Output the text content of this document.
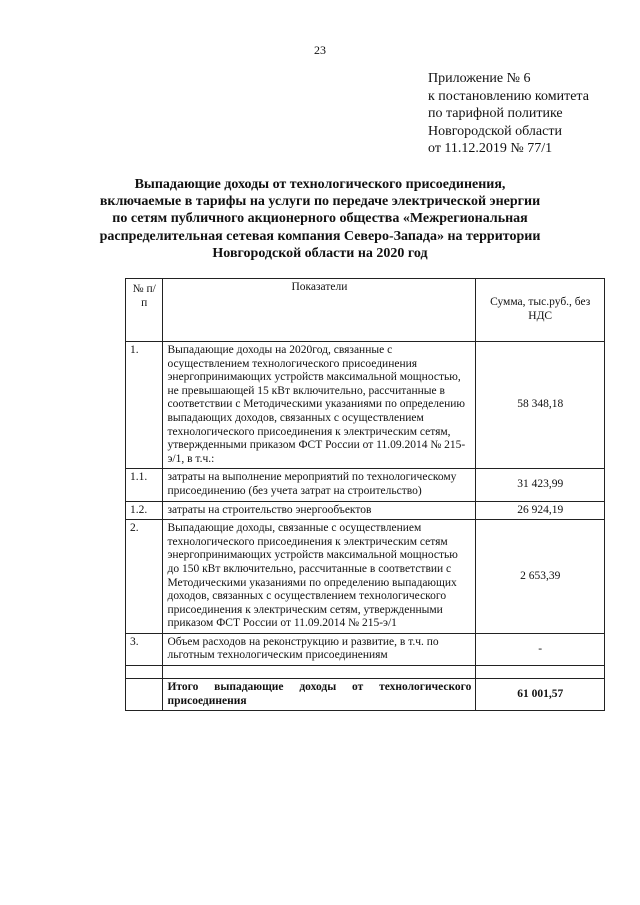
23
Приложение № 6
к постановлению комитета
по тарифной политике
Новгородской области
от 11.12.2019 № 77/1
Выпадающие доходы от технологического присоединения, включаемые в тарифы на услуги по передаче электрической энергии по сетям публичного акционерного общества «Межрегиональная распределительная сетевая компания Северо-Запада» на территории Новгородской области на 2020 год
№ п/п	Показатели	Сумма, тыс.руб., без НДС
1.	Выпадающие доходы на 2020год, связанные с осуществлением технологического присоединения энергопринимающих устройств максимальной мощностью, не превышающей 15 кВт включительно, рассчитанные в соответствии с Методическими указаниями по определению выпадающих доходов, связанных с осуществлением технологического присоединения к электрическим сетям, утвержденными приказом ФСТ России от 11.09.2014 № 215-э/1, в т.ч.:	58 348,18
1.1.	затраты на выполнение мероприятий по технологическому присоединению (без учета затрат на строительство)	31 423,99
1.2.	затраты на строительство энергообъектов	26 924,19
2.	Выпадающие доходы, связанные с осуществлением технологического присоединения к электрическим сетям энергопринимающих устройств максимальной мощностью до 150 кВт включительно, рассчитанные в соответствии с Методическими указаниями по определению выпадающих доходов, связанных с осуществлением технологического присоединения к электрическим сетям, утвержденными приказом ФСТ России от 11.09.2014 № 215-э/1	2 653,39
3.	Объем расходов на реконструкцию и развитие, в т.ч. по льготным технологическим присоединениям	-

	Итого выпадающие доходы от технологического присоединения	61 001,57
